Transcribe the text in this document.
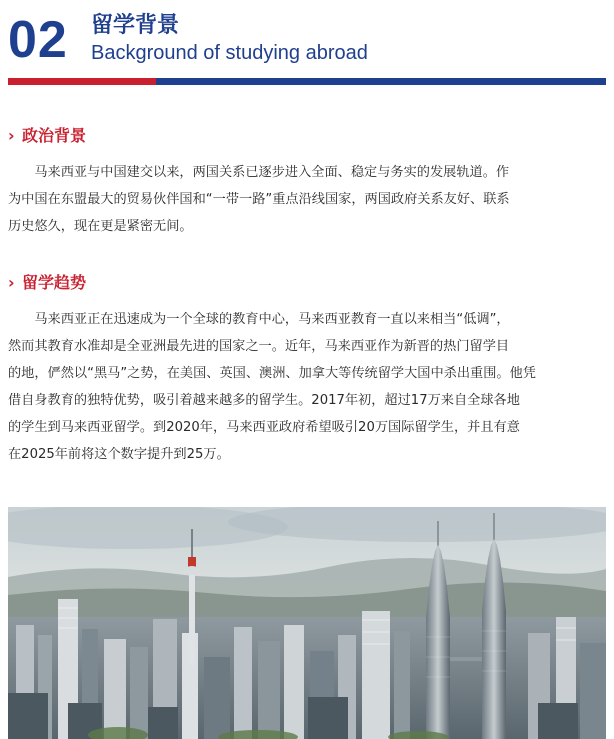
02 留学背景
Background of studying abroad
› 政治背景
　　马来西亚与中国建交以来，两国关系已逐步进入全面、稳定与务实的发展轨道。作
为中国在东盟最大的贸易伙伴国和“一带一路”重点沿线国家，两国政府关系友好、联系
历史悠久，现在更是紧密无间。
› 留学趋势
　　马来西亚正在迅速成为一个全球的教育中心，马来西亚教育一直以来相当“低调”，
然而其教育水准却是全亚洲最先进的国家之一。近年，马来西亚作为新晋的热门留学目
的地，俨然以“黑马”之势，在美国、英国、澳洲、加拿大等传统留学大国中杀出重围。他凭
借自身教育的独特优势，吸引着越来越多的留学生。2017年初，超过17万来自全球各地
的学生到马来西亚留学。到2020年，马来西亚政府希望吸引20万国际留学生，并且有意
在2025年前将这个数字提升到25万。
